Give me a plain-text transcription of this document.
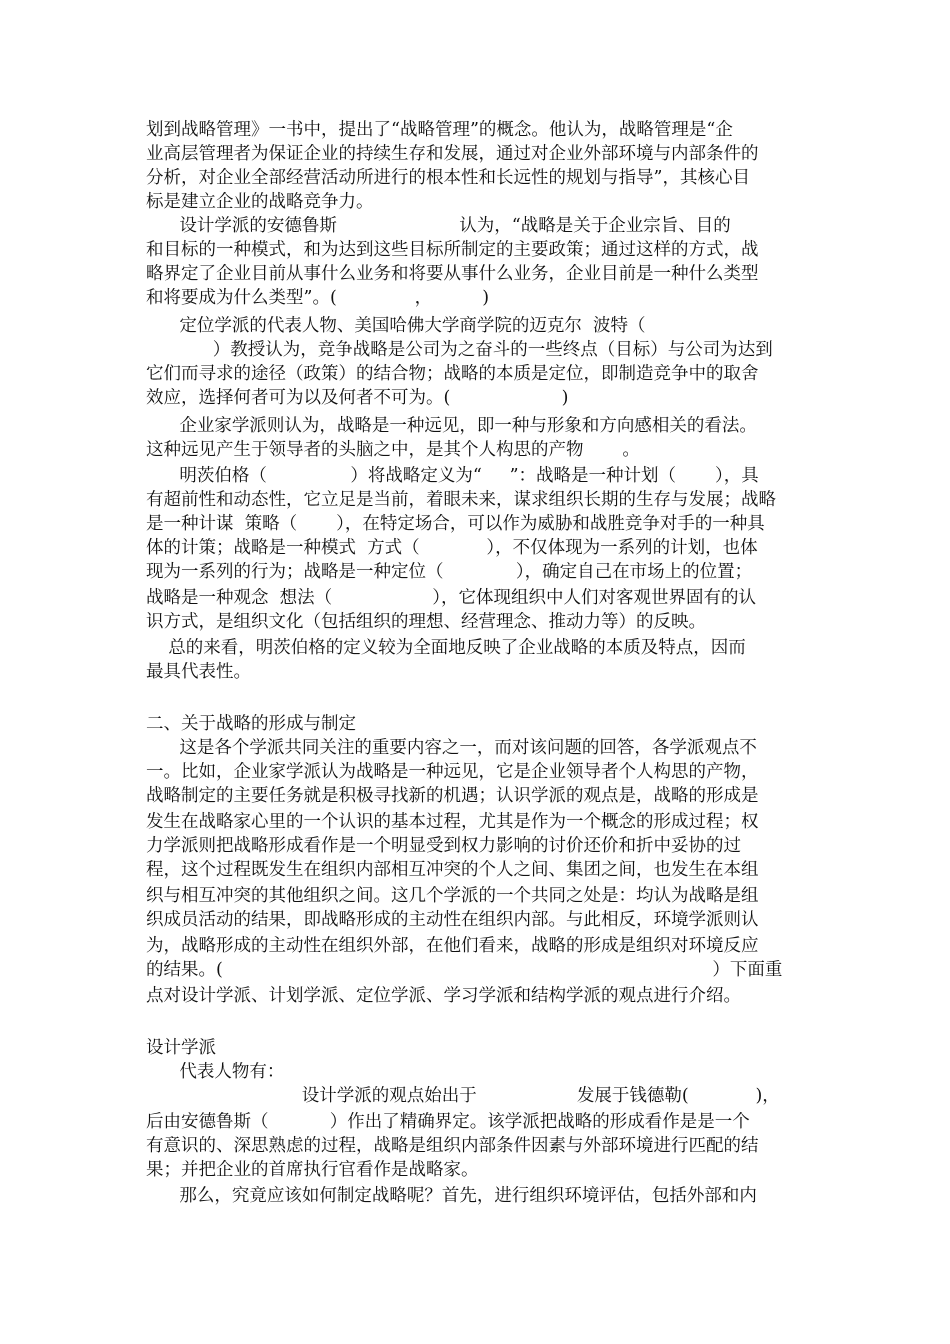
划到战略管理》一书中，提出了“战略管理”的概念。他认为，战略管理是“企

业高层管理者为保证企业的持续生存和发展，通过对企业外部环境与内部条件的

分析，对企业全部经营活动所进行的根本性和长远性的规划与指导”，其核心目

标是建立企业的战略竞争力。

设计学派的安德鲁斯                      认为，“战略是关于企业宗旨、目的

和目标的一种模式，和为达到这些目标所制定的主要政策；通过这样的方式，战

略界定了企业目前从事什么业务和将要从事什么业务，企业目前是一种什么类型

和将要成为什么类型”。(              ，         )

定位学派的代表人物、美国哈佛大学商学院的迈克尔  波特（

）教授认为，竞争战略是公司为之奋斗的一些终点（目标）与公司为达到

它们而寻求的途径（政策）的结合物；战略的本质是定位，即制造竞争中的取舍

效应，选择何者可为以及何者不可为。(                    )

企业家学派则认为，战略是一种远见，即一种与形象和方向感相关的看法。

这种远见产生于领导者的头脑之中，是其个人构思的产物       。

明茨伯格（               ）将战略定义为“     ”：战略是一种计划（       ），具

有超前性和动态性，它立足是当前，着眼未来，谋求组织长期的生存与发展；战略

是一种计谋  策略（       ），在特定场合，可以作为威胁和战胜竞争对手的一种具

体的计策；战略是一种模式  方式（            ），不仅体现为一系列的计划，也体

现为一系列的行为；战略是一种定位（             ），确定自己在市场上的位置；

战略是一种观念  想法（                  ），它体现组织中人们对客观世界固有的认

识方式，是组织文化（包括组织的理想、经营理念、推动力等）的反映。

总的来看，明茨伯格的定义较为全面地反映了企业战略的本质及特点，因而

最具代表性。

二、关于战略的形成与制定

这是各个学派共同关注的重要内容之一，而对该问题的回答，各学派观点不

一。比如，企业家学派认为战略是一种远见，它是企业领导者个人构思的产物，

战略制定的主要任务就是积极寻找新的机遇；认识学派的观点是，战略的形成是

发生在战略家心里的一个认识的基本过程，尤其是作为一个概念的形成过程；权

力学派则把战略形成看作是一个明显受到权力影响的讨价还价和折中妥协的过

程，这个过程既发生在组织内部相互冲突的个人之间、集团之间，也发生在本组

织与相互冲突的其他组织之间。这几个学派的一个共同之处是：均认为战略是组

织成员活动的结果，即战略形成的主动性在组织内部。与此相反，环境学派则认

为，战略形成的主动性在组织外部，在他们看来，战略的形成是组织对环境反应

的结果。(                                                                                        ）下面重

点对设计学派、计划学派、定位学派、学习学派和结构学派的观点进行介绍。

设计学派

代表人物有：

设计学派的观点始出于                  发展于钱德勒(            )，

后由安德鲁斯（           ）作出了精确界定。该学派把战略的形成看作是是一个

有意识的、深思熟虑的过程，战略是组织内部条件因素与外部环境进行匹配的结

果；并把企业的首席执行官看作是战略家。

那么，究竟应该如何制定战略呢？首先，进行组织环境评估，包括外部和内
